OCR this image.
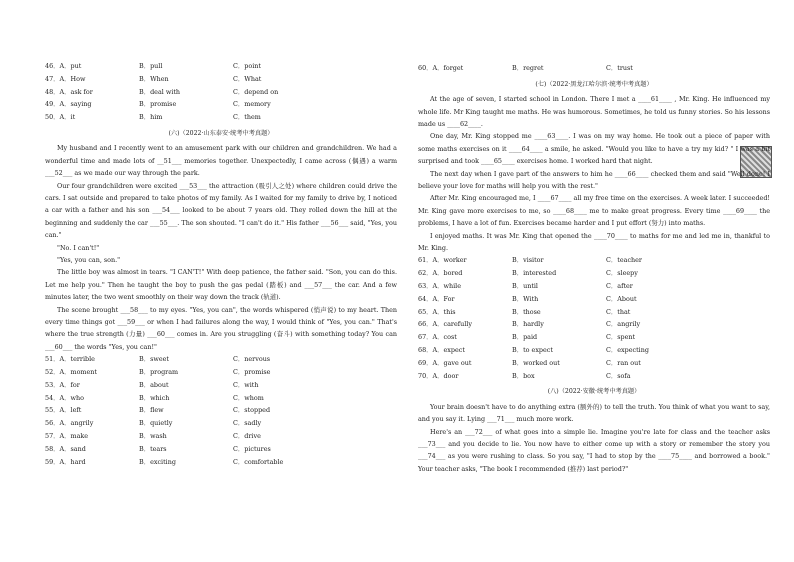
46．A．put	B．pull	C．point
47．A．How	B．When	C．What
48．A．ask for	B．deal with	C．depend on
49．A．saying	B．promise	C．memory
50．A．it	B．him	C．them
(六)（2022·山东泰安·统考中考真题）

My husband and I recently went to an amusement park with our children and grandchildren. We had a wonderful time and made lots of __51___ memories together. Unexpectedly, I came across (偶遇) a warm ___52___ as we made our way through the park.

Our four grandchildren were excited ___53___ the attraction (吸引人之处) where children could drive the cars. I sat outside and prepared to take photos of my family. As I waited for my family to drive by, I noticed a car with a father and his son ___54___ looked to be about 7 years old. They rolled down the hill at the beginning and suddenly the car ___55___. The son shouted. "I can't do it." His father ___56___ said, "Yes, you can."

"No. I can't!"

"Yes, you can, son."

The little boy was almost in tears. "I CAN'T!" With deep patience, the father said. "Son, you can do this. Let me help you." Then he taught the boy to push the gas pedal (踏板) and ___57___ the car. And a few minutes later, the two went smoothly on their way down the track (轨道).

The scene brought ___58___ to my eyes. "Yes, you can", the words whispered (悄声说) to my heart. Then every time things got ___59___ or when I had failures along the way, I would think of "Yes, you can." That's where the true strength (力量) ___60___ comes in. Are you struggling (奋斗) with something today? You can ___60___ the words "Yes, you can!"

51．A．terrible	B．sweet	C．nervous
52．A．moment	B．program	C．promise
53．A．for	B．about	C．with
54．A．who	B．which	C．whom
55．A．left	B．flew	C．stopped
56．A．angrily	B．quietly	C．sadly
57．A．make	B．wash	C．drive
58．A．sand	B．tears	C．pictures
59．A．hard	B．exciting	C．comfortable
60．A．forget	B．regret	C．trust
(七)（2022·黑龙江哈尔滨·统考中考真题）

At the age of seven, I started school in London. There I met a ____61____ , Mr. King. He influenced my whole life. Mr King taught me maths. He was humorous. Sometimes, he told us funny stories. So his lessons made us ____62____.

One day, Mr. King stopped me ____63____. I was on my way home. He took out a piece of paper with some maths exercises on it ____64____ a smile, he asked. "Would you like to have a try my kid? " I was a bit surprised and took ____65____ exercises home. I worked hard that night.

The next day when I gave part of the answers to him he ____66____ checked them and said "Well done! I believe your love for maths will help you with the rest."

After Mr. King encouraged me, I ____67____ all my free time on the exercises. A week later. I succeeded! Mr. King gave more exercises to me, so ____68____ me to make great progress. Every time ____69____ the problems, I have a lot of fun. Exercises became harder and I put effort (努力) into maths.

I enjoyed maths. It was Mr. King that opened the ____70____ to maths for me and led me in, thankful to Mr. King.

61．A．worker	B．visitor	C．teacher
62．A．bored	B．interested	C．sleepy
63．A．while	B．until	C．after
64．A．For	B．With	C．About
65．A．this	B．those	C．that
66．A．carefully	B．hardly	C．angrily
67．A．cost	B．paid	C．spent
68．A．expect	B．to expect	C．expecting
69．A．gave out	B．worked out	C．ran out
70．A．door	B．box	C．sofa
(八)（2022·安徽·统考中考真题）

Your brain doesn't have to do anything extra (额外的) to tell the truth. You think of what you want to say, and you say it. Lying ___71___ much more work.

Here's an ___72___ of what goes into a simple lie. Imagine you're late for class and the teacher asks ___73___ and you decide to lie. You now have to either come up with a story or remember the story you ___74___ as you were rushing to class. So you say, "I had to stop by the ____75____ and borrowed a book." Your teacher asks, "The book I recommended (推荐) last period?"
